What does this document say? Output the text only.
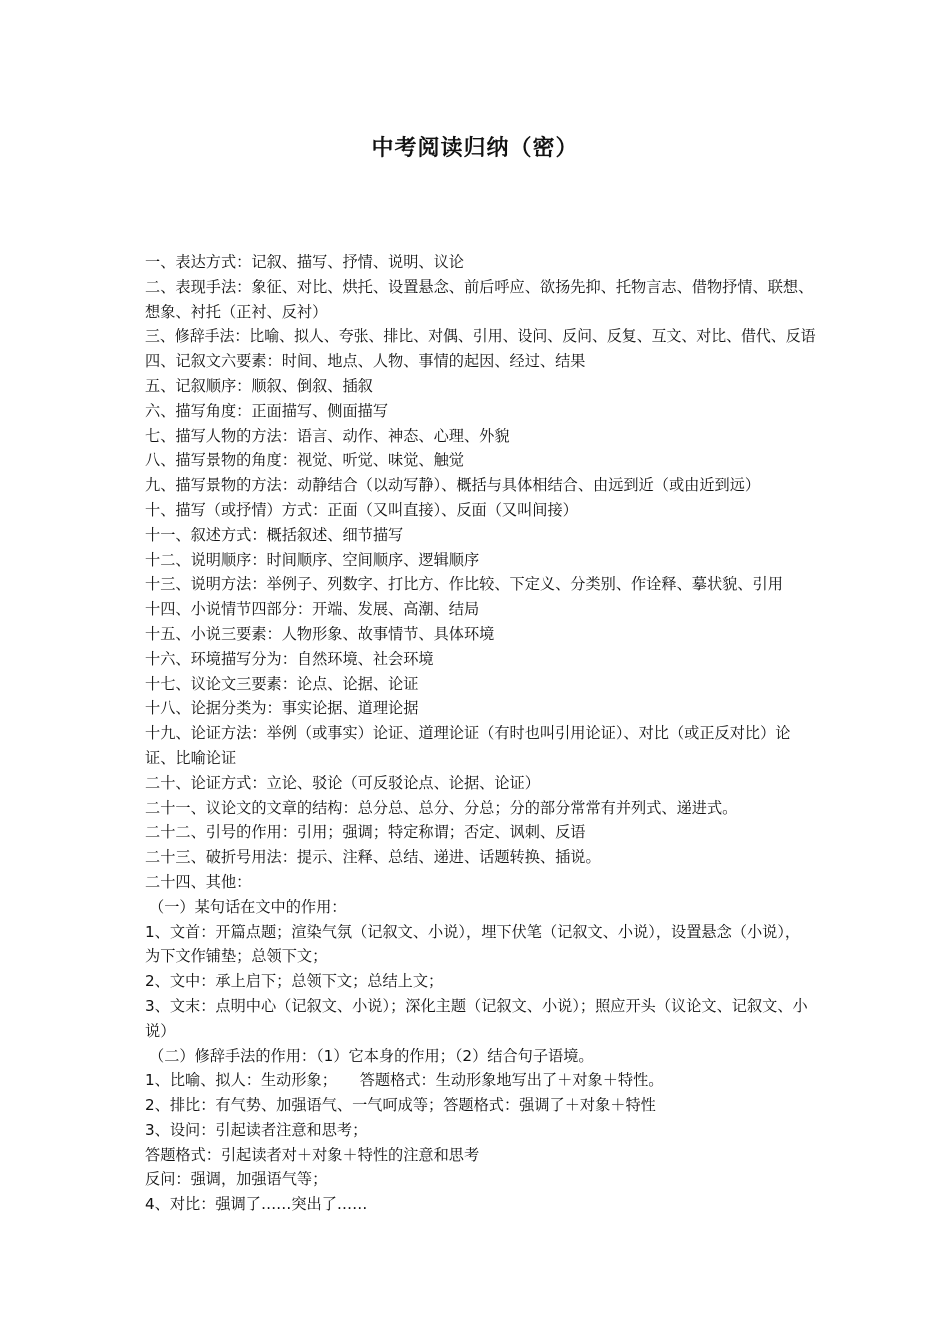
中考阅读归纳（密）
一、表达方式：记叙、描写、抒情、说明、议论
二、表现手法：象征、对比、烘托、设置悬念、前后呼应、欲扬先抑、托物言志、借物抒情、联想、
想象、衬托（正衬、反衬）
三、修辞手法：比喻、拟人、夸张、排比、对偶、引用、设问、反问、反复、互文、对比、借代、反语
四、记叙文六要素：时间、地点、人物、事情的起因、经过、结果
五、记叙顺序：顺叙、倒叙、插叙
六、描写角度：正面描写、侧面描写
七、描写人物的方法：语言、动作、神态、心理、外貌
八、描写景物的角度：视觉、听觉、味觉、触觉
九、描写景物的方法：动静结合（以动写静）、概括与具体相结合、由远到近（或由近到远）
十、描写（或抒情）方式：正面（又叫直接）、反面（又叫间接）
十一、叙述方式：概括叙述、细节描写
十二、说明顺序：时间顺序、空间顺序、逻辑顺序
十三、说明方法：举例子、列数字、打比方、作比较、下定义、分类别、作诠释、摹状貌、引用
十四、小说情节四部分：开端、发展、高潮、结局
十五、小说三要素：人物形象、故事情节、具体环境
十六、环境描写分为：自然环境、社会环境
十七、议论文三要素：论点、论据、论证
十八、论据分类为：事实论据、道理论据
十九、论证方法：举例（或事实）论证、道理论证（有时也叫引用论证）、对比（或正反对比）论
证、比喻论证
二十、论证方式：立论、驳论（可反驳论点、论据、论证）
二十一、议论文的文章的结构：总分总、总分、分总；分的部分常常有并列式、递进式。
二十二、引号的作用：引用；强调；特定称谓；否定、讽刺、反语
二十三、破折号用法：提示、注释、总结、递进、话题转换、插说。
二十四、其他：
（一）某句话在文中的作用：
1、文首：开篇点题；渲染气氛（记叙文、小说），埋下伏笔（记叙文、小说），设置悬念（小说），
为下文作铺垫；总领下文；
2、文中：承上启下；总领下文；总结上文；
3、文末：点明中心（记叙文、小说）；深化主题（记叙文、小说）；照应开头（议论文、记叙文、小
说）
（二）修辞手法的作用：（1）它本身的作用；（2）结合句子语境。
1、比喻、拟人：生动形象；　　答题格式：生动形象地写出了＋对象＋特性。
2、排比：有气势、加强语气、一气呵成等；答题格式：强调了＋对象＋特性
3、设问：引起读者注意和思考；
答题格式：引起读者对＋对象＋特性的注意和思考
反问：强调，加强语气等；
4、对比：强调了……突出了……
